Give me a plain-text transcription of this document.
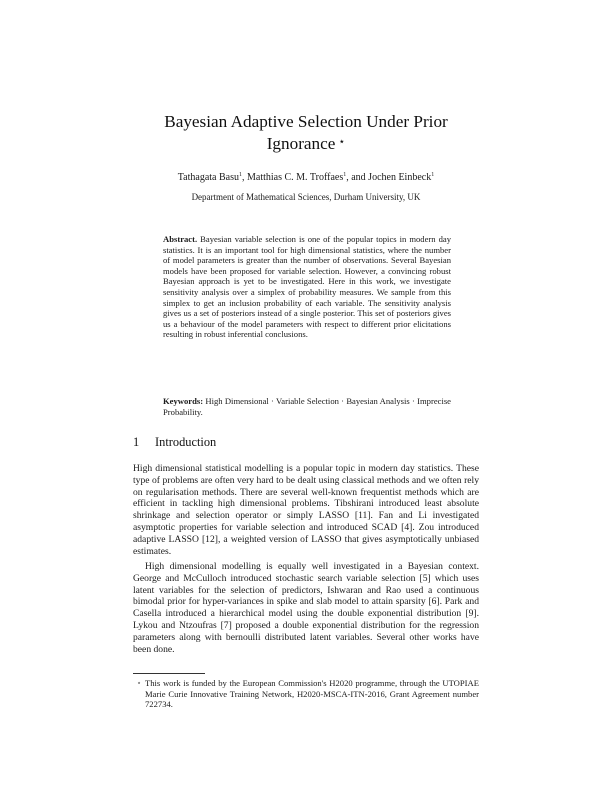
Bayesian Adaptive Selection Under Prior Ignorance ⋆
Tathagata Basu$^1$, Matthias C. M. Troffaes$^1$, and Jochen Einbeck$^1$
Department of Mathematical Sciences, Durham University, UK
Abstract. Bayesian variable selection is one of the popular topics in modern day statistics. It is an important tool for high dimensional statistics, where the number of model parameters is greater than the number of observations. Several Bayesian models have been proposed for variable selection. However, a convincing robust Bayesian approach is yet to be investigated. Here in this work, we investigate sensitivity analysis over a simplex of probability measures. We sample from this simplex to get an inclusion probability of each variable. The sensitivity analysis gives us a set of posteriors instead of a single posterior. This set of posteriors gives us a behaviour of the model parameters with respect to different prior elicitations resulting in robust inferential conclusions.
Keywords: High Dimensional · Variable Selection · Bayesian Analysis · Imprecise Probability.
1 Introduction
High dimensional statistical modelling is a popular topic in modern day statistics. These type of problems are often very hard to be dealt using classical methods and we often rely on regularisation methods. There are several well-known frequentist methods which are efficient in tackling high dimensional problems. Tibshirani introduced least absolute shrinkage and selection operator or simply LASSO [11]. Fan and Li investigated asymptotic properties for variable selection and introduced SCAD [4]. Zou introduced adaptive LASSO [12], a weighted version of LASSO that gives asymptotically unbiased estimates.
High dimensional modelling is equally well investigated in a Bayesian context. George and McCulloch introduced stochastic search variable selection [5] which uses latent variables for the selection of predictors, Ishwaran and Rao used a continuous bimodal prior for hyper-variances in spike and slab model to attain sparsity [6]. Park and Casella introduced a hierarchical model using the double exponential distribution [9]. Lykou and Ntzoufras [7] proposed a double exponential distribution for the regression parameters along with bernoulli distributed latent variables. Several other works have been done.
⋆ This work is funded by the European Commission's H2020 programme, through the UTOPIAE Marie Curie Innovative Training Network, H2020-MSCA-ITN-2016, Grant Agreement number 722734.
